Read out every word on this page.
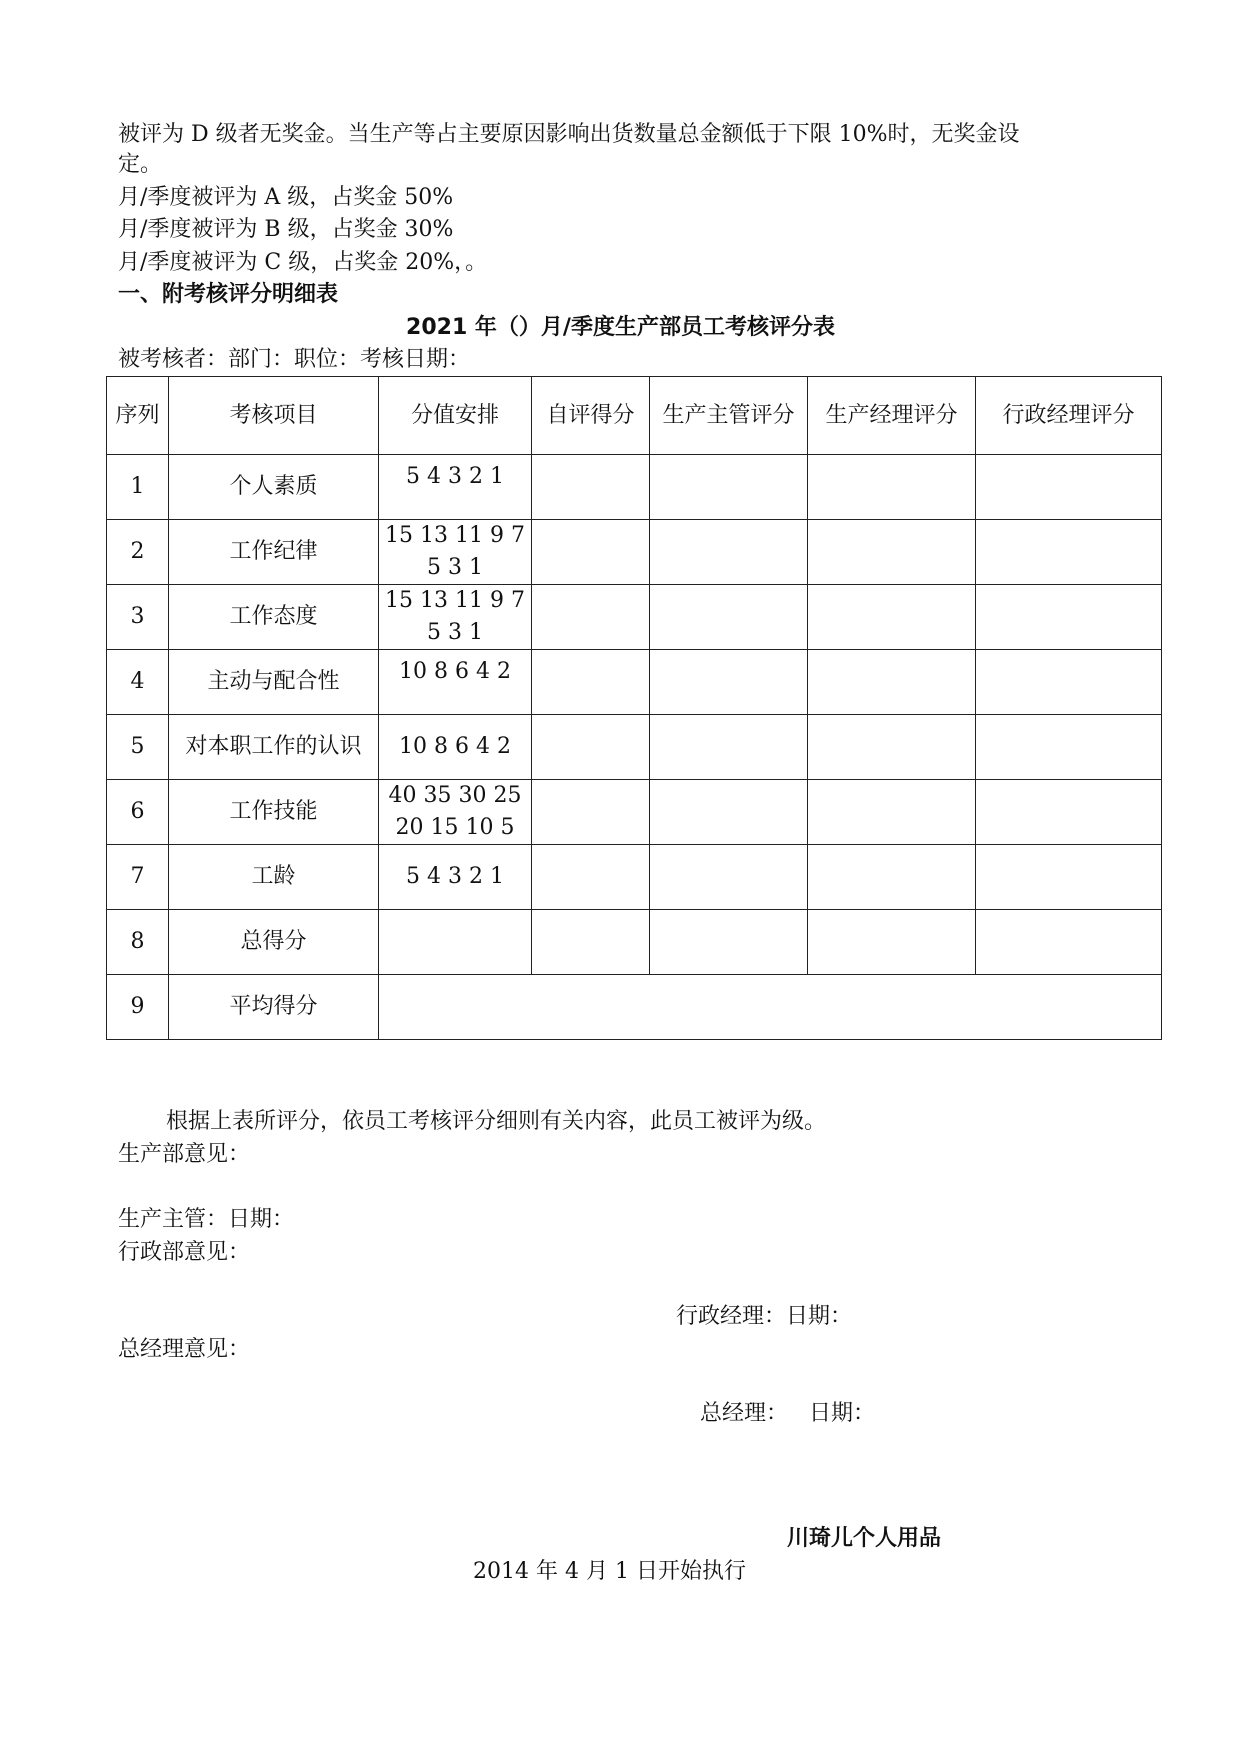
被评为 D 级者无奖金。当生产等占主要原因影响出货数量总金额低于下限 10%时，无奖金设
定。
月/季度被评为 A 级，占奖金 50%
月/季度被评为 B 级，占奖金 30%
月/季度被评为 C 级，占奖金 20%，。
一、附考核评分明细表
2021 年（）月/季度生产部员工考核评分表
被考核者：部门：职位：考核日期：
序列	考核项目	分值安排	自评得分	生产主管评分	生产经理评分	行政经理评分
1	个人素质	5 4 3 2 1				

2	工作纪律	15 13 11 9 7
5 3 1				

3	工作态度	15 13 11 9 7
5 3 1				

4	主动与配合性	10 8 6 4 2				

5	对本职工作的认识	10 8 6 4 2				

6	工作技能	40 35 30 25
20 15 10 5				

7	工龄	5 4 3 2 1				

8	总得分	

9	平均得分					
根据上表所评分，依员工考核评分细则有关内容，此员工被评为级。
生产部意见：
生产主管：日期：
行政部意见：
行政经理：日期：
总经理意见：
总经理：   日期：
川琦儿个人用品
2014 年 4 月 1 日开始执行
